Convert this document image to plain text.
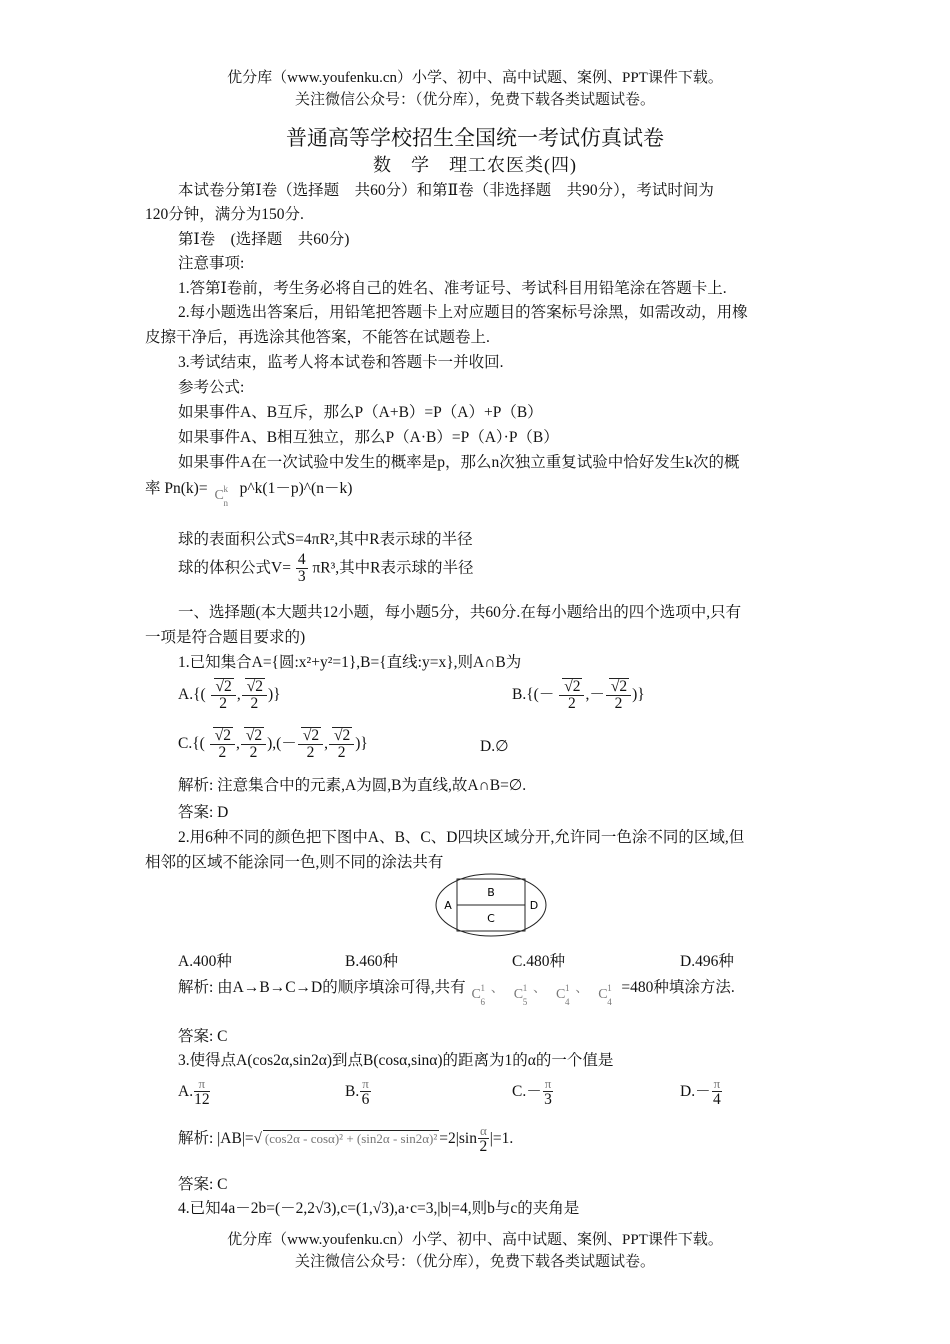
优分库（www.youfenku.cn）小学、初中、高中试题、案例、PPT课件下载。
关注微信公众号：（优分库），免费下载各类试题试卷。
普通高等学校招生全国统一考试仿真试卷
数　学　理工农医类(四)
本试卷分第Ⅰ卷（选择题　共60分）和第Ⅱ卷（非选择题　共90分），考试时间为
120分钟，满分为150分.
第Ⅰ卷　(选择题　共60分)
注意事项:
1.答第Ⅰ卷前，考生务必将自己的姓名、准考证号、考试科目用铅笔涂在答题卡上.
2.每小题选出答案后，用铅笔把答题卡上对应题目的答案标号涂黑，如需改动，用橡
皮擦干净后，再选涂其他答案，不能答在试题卷上.
3.考试结束，监考人将本试卷和答题卡一并收回.
参考公式:
如果事件A、B互斥，那么P（A+B）=P（A）+P（B）
如果事件A、B相互独立，那么P（A·B）=P（A）·P（B）
如果事件A在一次试验中发生的概率是p，那么n次独立重复试验中恰好发生k次的概
率 Pn(k)= C k
n
p^k(1－p)^(n－k)
球的表面积公式S=4πR²,其中R表示球的半径
球的体积公式$V= \frac{4}{3} \pi R^3$,其中R表示球的半径
一、选择题(本大题共12小题，每小题5分，共60分.在每小题给出的四个选项中,只有
一项是符合题目要求的)
1.已知集合A={圆:x²+y²=1},B={直线:y=x},则A∩B为
$A.\{( \frac{√2}{2}$ , $\frac{√2}{2}$ )}	$B.\{(- \frac{√2}{2}$ ,－ $\frac{√2}{2}$ )}
$C.\{( \frac{√2}{2}$ , $\frac{√2}{2}$ ),(－ $\frac{√2}{2}$ , $\frac{√2}{2}$ )}	D.∅
解析: 注意集合中的元素,A为圆,B为直线,故A∩B=∅.
答案: D
2.用6种不同的颜色把下图中A、B、C、D四块区域分开,允许同一色涂不同的区域,但
相邻的区域不能涂同一色,则不同的涂法共有
A
B
C
D
A.400种	B.460种	C.480种	D.496种
解析: 由A→B→C→D的顺序填涂可得,共有 C 1
6
、 C 1
5
、 C 1
4
、 C 1
4
=480种填涂方法.
答案: C
3.使得点A(cos2α,sin2α)到点B(cosα,sinα)的距离为1的α的一个值是
A. $\frac{\pi}{12}$	B. $\frac{\pi}{6}$	$C.- \frac{\pi}{3}$	$D.- \frac{\pi}{4}$
解析: |AB|=√ $(\cos 2\alpha - \cos\alpha)^2 + (\sin 2\alpha - \sin 2\alpha)^2 =2|\sin \frac{\alpha}{2} |=1$.
答案: C
4.已知4a－2b=(－2,2√3),c=(1,√3),a·c=3,|b|=4,则b与c的夹角是
优分库（www.youfenku.cn）小学、初中、高中试题、案例、PPT课件下载。
关注微信公众号：（优分库），免费下载各类试题试卷。
